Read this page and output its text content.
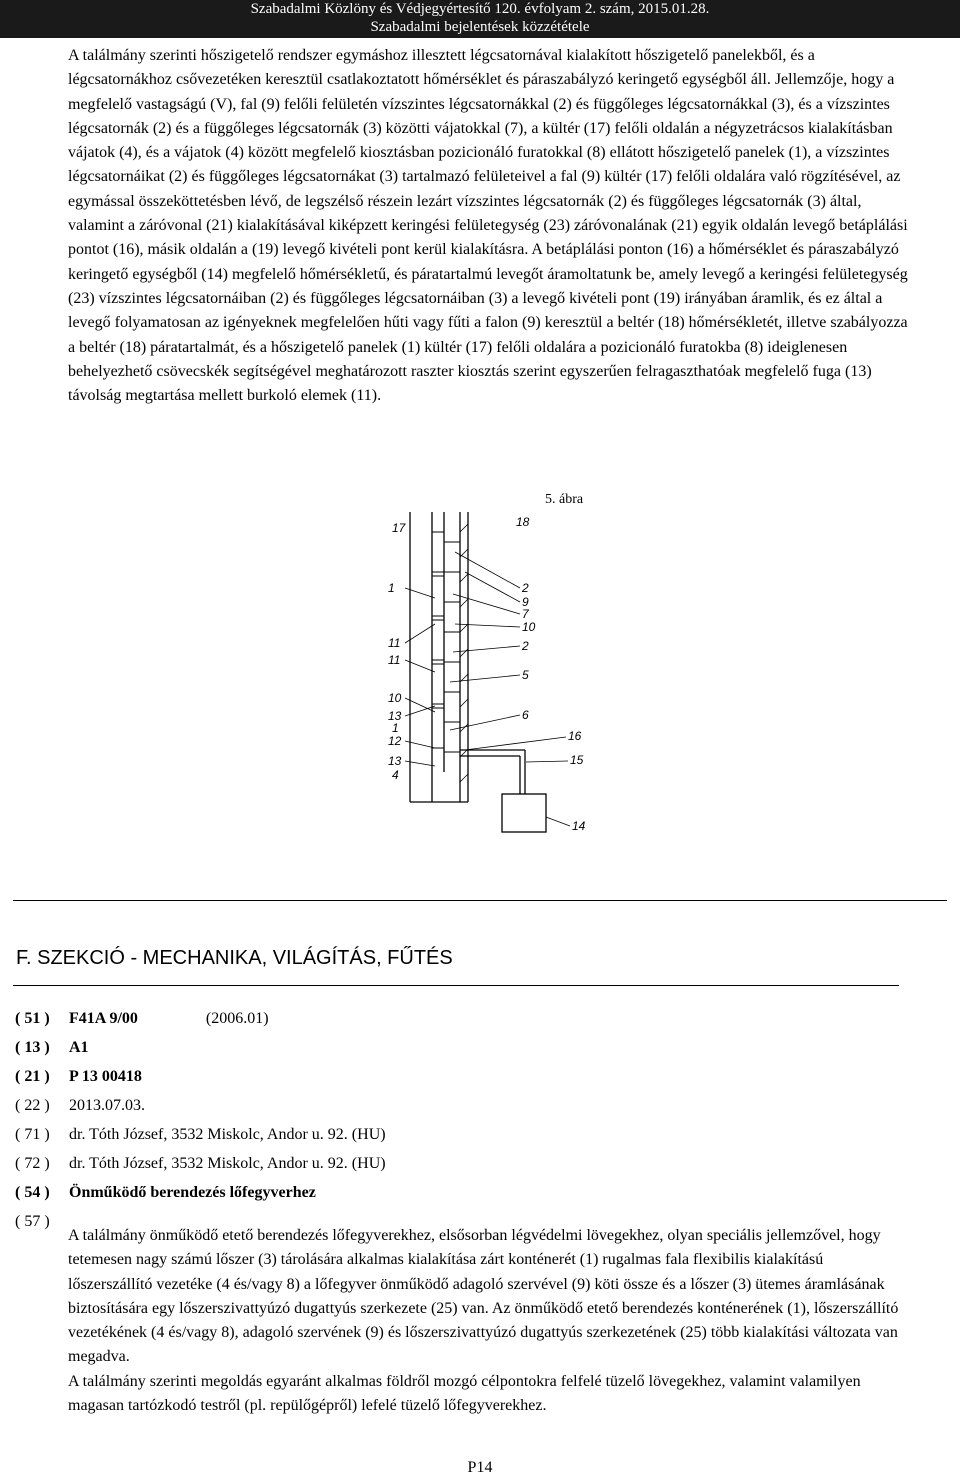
Szabadalmi Közlöny és Védjegyértesítő 120. évfolyam 2. szám, 2015.01.28.
Szabadalmi bejelentések közzététele
A találmány szerinti hőszigetelő rendszer egymáshoz illesztett légcsatornával kialakított hőszigetelő panelekből, és a légcsatornákhoz csővezetéken keresztül csatlakoztatott hőmérséklet és páraszabályzó keringető egységből áll. Jellemzője, hogy a megfelelő vastagságú (V), fal (9) felőli felületén vízszintes légcsatornákkal (2) és függőleges légcsatornákkal (3), és a vízszintes légcsatornák (2) és a függőleges légcsatornák (3) közötti vájatokkal (7), a kültér (17) felőli oldalán a négyzetrácsos kialakításban vájatok (4), és a vájatok (4) között megfelelő kiosztásban pozicionáló furatokkal (8) ellátott hőszigetelő panelek (1), a vízszintes légcsatornáikat (2) és függőleges légcsatornákat (3) tartalmazó felületeivel a fal (9) kültér (17) felőli oldalára való rögzítésével, az egymással összeköttetésben lévő, de legszélső részein lezárt vízszintes légcsatornák (2) és függőleges légcsatornák (3) által, valamint a záróvonal (21) kialakításával kiképzett keringési felületegység (23) záróvonalának (21) egyik oldalán levegő betáplálási pontot (16), másik oldalán a (19) levegő kivételi pont kerül kialakításra. A betáplálási ponton (16) a hőmérséklet és páraszabályzó keringető egységből (14) megfelelő hőmérsékletű, és páratartalmú levegőt áramoltatunk be, amely levegő a keringési felületegység (23) vízszintes légcsatornáiban (2) és függőleges légcsatornáiban (3) a levegő kivételi pont (19) irányában áramlik, és ez által a levegő folyamatosan az igényeknek megfelelően hűti vagy fűti a falon (9) keresztül a beltér (18) hőmérsékletét, illetve szabályozza a beltér (18) páratartalmát, és a hőszigetelő panelek (1) kültér (17) felőli oldalára a pozicionáló furatokba (8) ideiglenesen behelyezhető csövecskék segítségével meghatározott raszter kiosztás szerint egyszerűen felragaszthatóak megfelelő fuga (13) távolság megtartása mellett burkoló elemek (11).
5. ábra
17
1
11
11
10
13
1
12
13
4
18
2
9
7
10
2
5
6
16
15
14
F. SZEKCIÓ - MECHANIKA, VILÁGÍTÁS, FŰTÉS
( 51 ) F41A 9/00	(2006.01)
( 13 ) A1
( 21 ) P 13 00418
( 22 ) 2013.07.03.
( 71 ) dr. Tóth József, 3532 Miskolc, Andor u. 92. (HU)
( 72 ) dr. Tóth József, 3532 Miskolc, Andor u. 92. (HU)
( 54 ) Önműködő berendezés lőfegyverhez
( 57 )
A találmány önműködő etető berendezés lőfegyverekhez, elsősorban légvédelmi lövegekhez, olyan speciális jellemzővel, hogy tetemesen nagy számú lőszer (3) tárolására alkalmas kialakítása zárt konténerét (1) rugalmas fala flexibilis kialakítású lőszerszállító vezetéke (4 és/vagy 8) a lőfegyver önműködő adagoló szervével (9) köti össze és a lőszer (3) ütemes áramlásának biztosítására egy lőszerszivattyúzó dugattyús szerkezete (25) van. Az önműködő etető berendezés konténerének (1), lőszerszállító vezetékének (4 és/vagy 8), adagoló szervének (9) és lőszerszivattyúzó dugattyús szerkezetének (25) több kialakítási változata van megadva.
A találmány szerinti megoldás egyaránt alkalmas földről mozgó célpontokra felfelé tüzelő lövegekhez, valamint valamilyen magasan tartózkodó testről (pl. repülőgépről) lefelé tüzelő lőfegyverekhez.
P14
